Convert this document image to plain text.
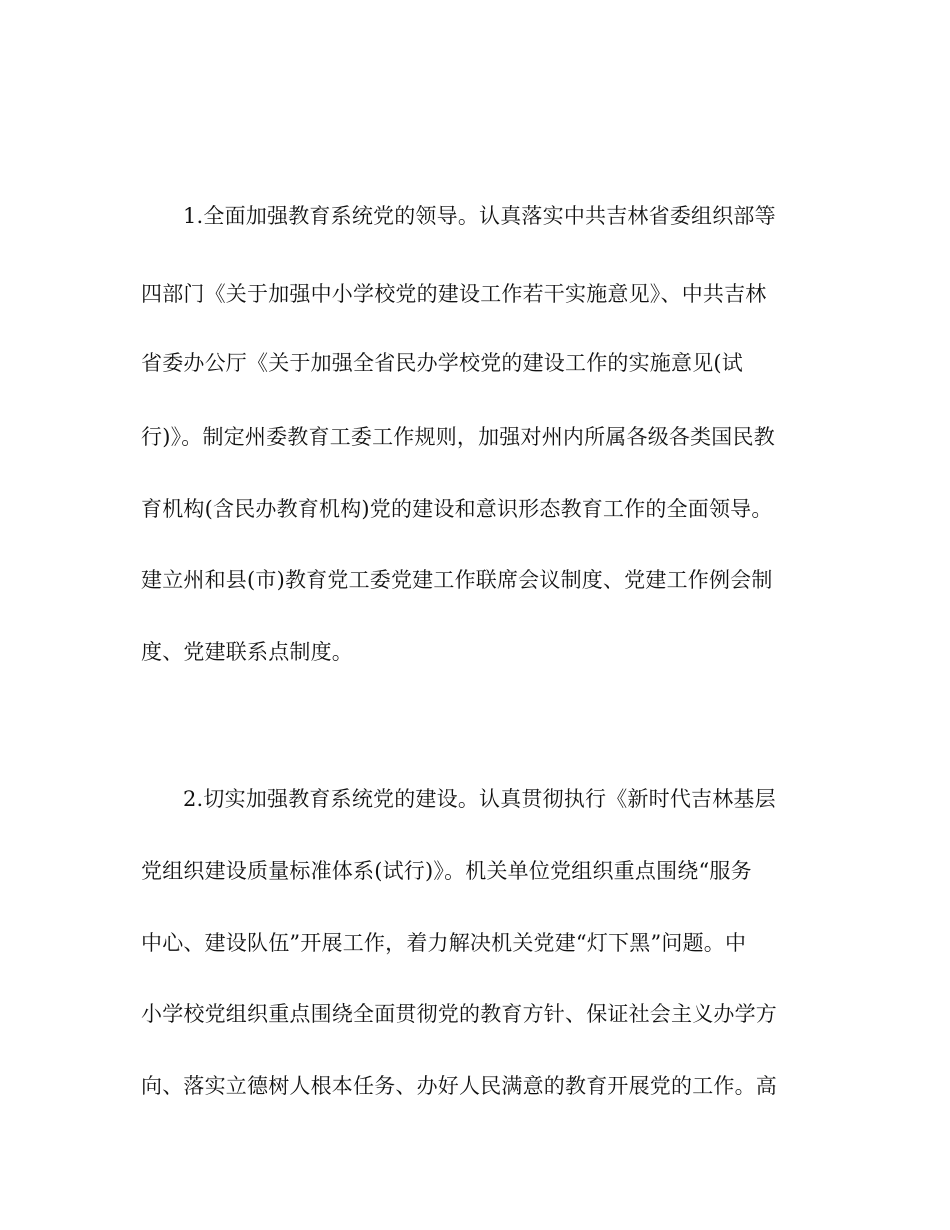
1.全面加强教育系统党的领导。认真落实中共吉林省委组织部等

四部门《关于加强中小学校党的建设工作若干实施意见》、中共吉林

省委办公厅《关于加强全省民办学校党的建设工作的实施意见(试

行)》。制定州委教育工委工作规则，加强对州内所属各级各类国民教

育机构(含民办教育机构)党的建设和意识形态教育工作的全面领导。

建立州和县(市)教育党工委党建工作联席会议制度、党建工作例会制

度、党建联系点制度。

2.切实加强教育系统党的建设。认真贯彻执行《新时代吉林基层

党组织建设质量标准体系(试行)》。机关单位党组织重点围绕“服务

中心、建设队伍”开展工作，着力解决机关党建“灯下黑”问题。中

小学校党组织重点围绕全面贯彻党的教育方针、保证社会主义办学方

向、落实立德树人根本任务、办好人民满意的教育开展党的工作。高
